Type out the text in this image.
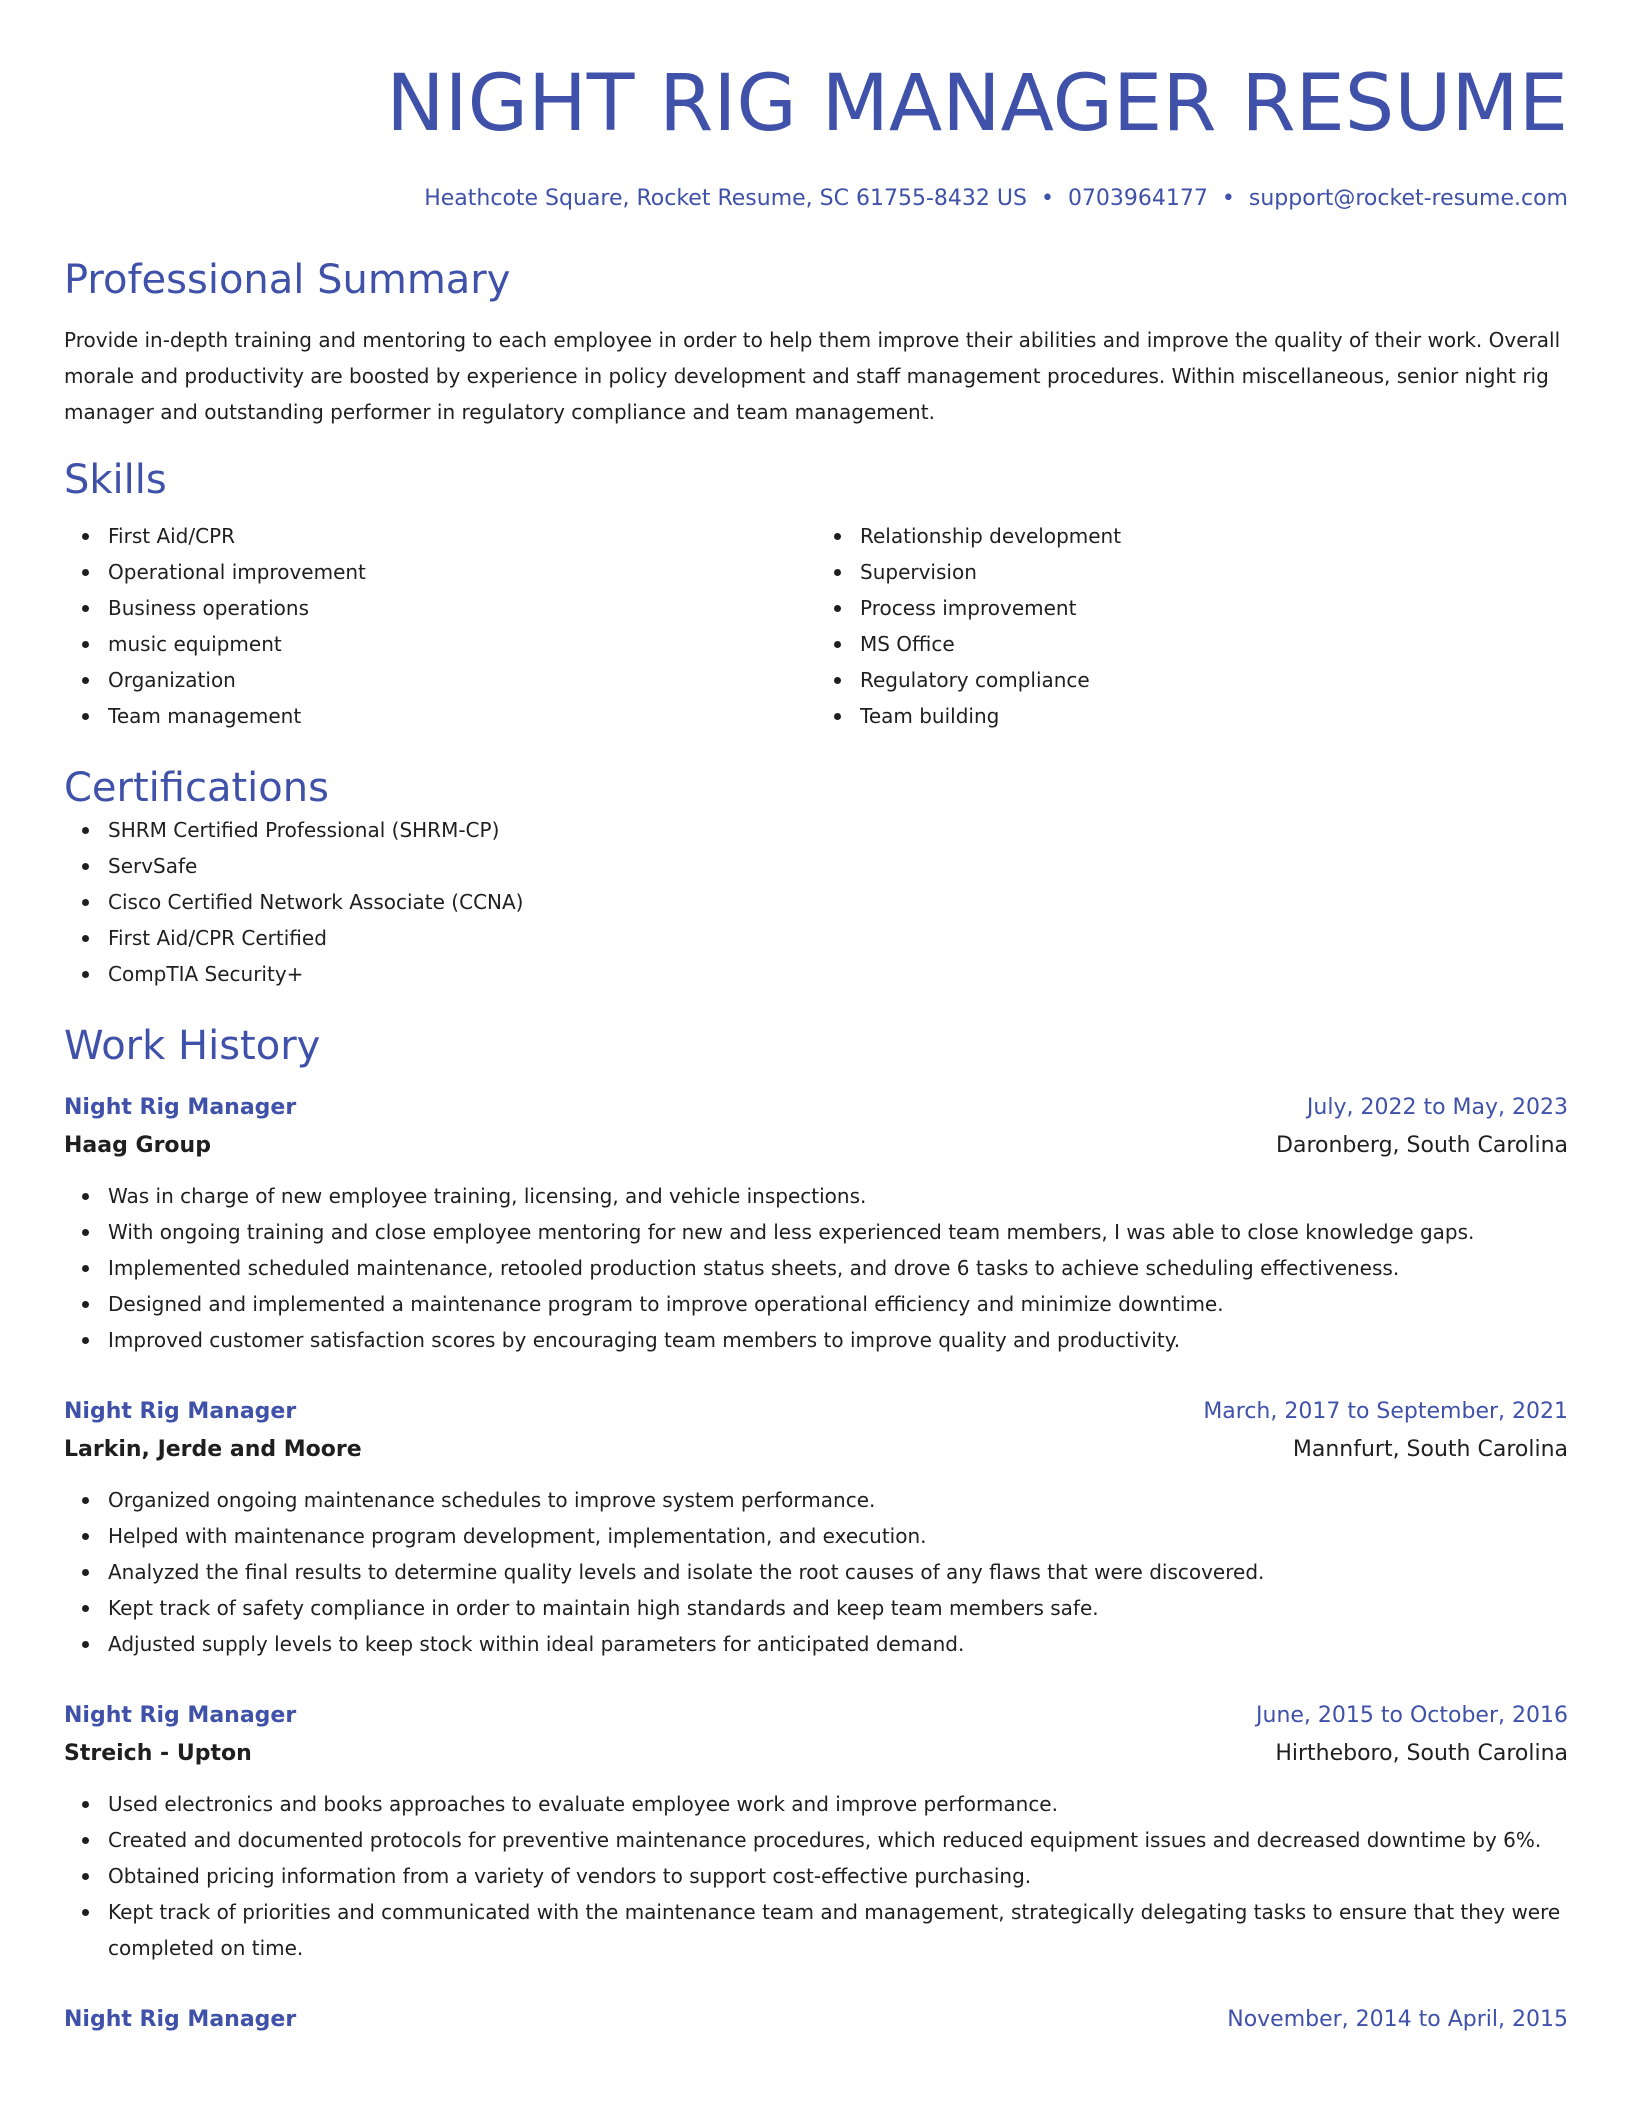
NIGHT RIG MANAGER RESUME
Heathcote Square, Rocket Resume, SC 61755-8432 US • 0703964177 • support@rocket-resume.com
Professional Summary

Provide in-depth training and mentoring to each employee in order to help them improve their abilities and improve the quality of their work. Overall morale and productivity are boosted by experience in policy development and staff management procedures. Within miscellaneous, senior night rig manager and outstanding performer in regulatory compliance and team management.

Skills
First Aid/CPR
Operational improvement
Business operations
music equipment
Organization
Team management
Relationship development
Supervision
Process improvement
MS Office
Regulatory compliance
Team building
Certifications
SHRM Certified Professional (SHRM-CP)
ServSafe
Cisco Certified Network Associate (CCNA)
First Aid/CPR Certified
CompTIA Security+
Work History
Night Rig Manager	July, 2022 to May, 2023
Haag Group	Daronberg, South Carolina
Was in charge of new employee training, licensing, and vehicle inspections.
With ongoing training and close employee mentoring for new and less experienced team members, I was able to close knowledge gaps.
Implemented scheduled maintenance, retooled production status sheets, and drove 6 tasks to achieve scheduling effectiveness.
Designed and implemented a maintenance program to improve operational efficiency and minimize downtime.
Improved customer satisfaction scores by encouraging team members to improve quality and productivity.
Night Rig Manager	March, 2017 to September, 2021
Larkin, Jerde and Moore	Mannfurt, South Carolina
Organized ongoing maintenance schedules to improve system performance.
Helped with maintenance program development, implementation, and execution.
Analyzed the final results to determine quality levels and isolate the root causes of any flaws that were discovered.
Kept track of safety compliance in order to maintain high standards and keep team members safe.
Adjusted supply levels to keep stock within ideal parameters for anticipated demand.
Night Rig Manager	June, 2015 to October, 2016
Streich - Upton	Hirtheboro, South Carolina
Used electronics and books approaches to evaluate employee work and improve performance.
Created and documented protocols for preventive maintenance procedures, which reduced equipment issues and decreased downtime by 6%.
Obtained pricing information from a variety of vendors to support cost-effective purchasing.
Kept track of priorities and communicated with the maintenance team and management, strategically delegating tasks to ensure that they were completed on time.
Night Rig Manager	November, 2014 to April, 2015
